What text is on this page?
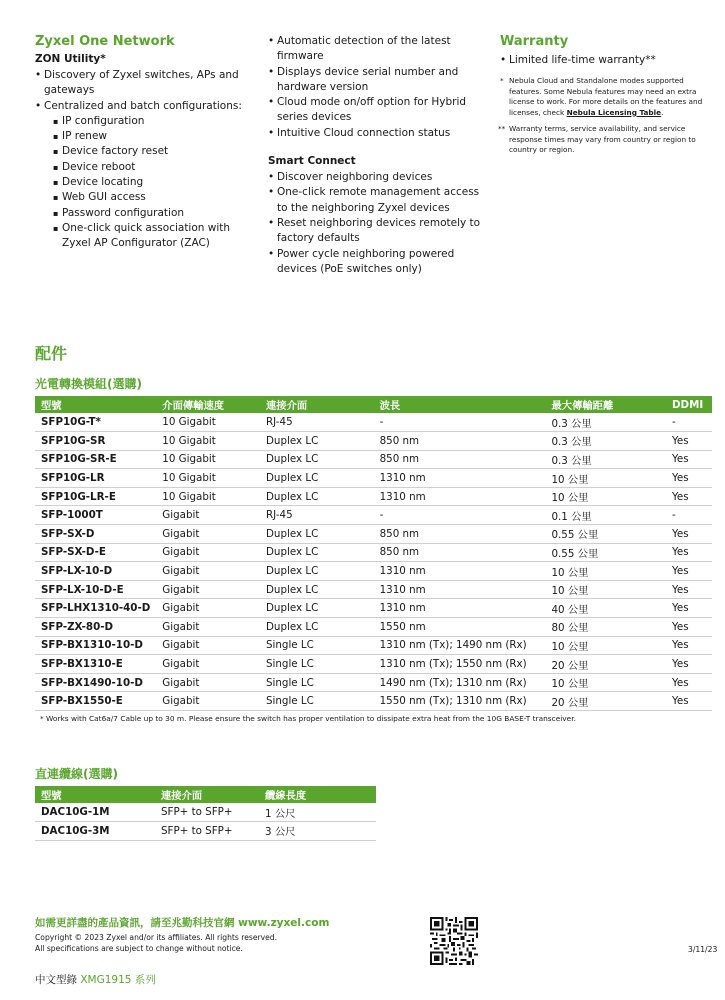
Zyxel One Network
ZON Utility*
• Discovery of Zyxel switches, APs and gateways
• Centralized and batch configurations:
▪ IP configuration
▪ IP renew
▪ Device factory reset
▪ Device reboot
▪ Device locating
▪ Web GUI access
▪ Password configuration
▪ One-click quick association with Zyxel AP Configurator (ZAC)
• Automatic detection of the latest firmware
• Displays device serial number and hardware version
• Cloud mode on/off option for Hybrid series devices
• Intuitive Cloud connection status
Smart Connect
• Discover neighboring devices
• One-click remote management access to the neighboring Zyxel devices
• Reset neighboring devices remotely to factory defaults
• Power cycle neighboring powered devices (PoE switches only)
Warranty
• Limited life-time warranty**
* Nebula Cloud and Standalone modes supported features. Some Nebula features may need an extra license to work. For more details on the features and licenses, check Nebula Licensing Table.
** Warranty terms, service availability, and service response times may vary from country or region to country or region.
配件
光電轉換模組(選購)
型號	介面傳輸速度	連接介面	波長	最大傳輸距離	DDMI
SFP10G-T*	10 Gigabit	RJ-45	-	0.3 公里	-
SFP10G-SR	10 Gigabit	Duplex LC	850 nm	0.3 公里	Yes
SFP10G-SR-E	10 Gigabit	Duplex LC	850 nm	0.3 公里	Yes
SFP10G-LR	10 Gigabit	Duplex LC	1310 nm	10 公里	Yes
SFP10G-LR-E	10 Gigabit	Duplex LC	1310 nm	10 公里	Yes
SFP-1000T	Gigabit	RJ-45	-	0.1 公里	-
SFP-SX-D	Gigabit	Duplex LC	850 nm	0.55 公里	Yes
SFP-SX-D-E	Gigabit	Duplex LC	850 nm	0.55 公里	Yes
SFP-LX-10-D	Gigabit	Duplex LC	1310 nm	10 公里	Yes
SFP-LX-10-D-E	Gigabit	Duplex LC	1310 nm	10 公里	Yes
SFP-LHX1310-40-D	Gigabit	Duplex LC	1310 nm	40 公里	Yes
SFP-ZX-80-D	Gigabit	Duplex LC	1550 nm	80 公里	Yes
SFP-BX1310-10-D	Gigabit	Single LC	1310 nm (Tx); 1490 nm (Rx)	10 公里	Yes
SFP-BX1310-E	Gigabit	Single LC	1310 nm (Tx); 1550 nm (Rx)	20 公里	Yes
SFP-BX1490-10-D	Gigabit	Single LC	1490 nm (Tx); 1310 nm (Rx)	10 公里	Yes
SFP-BX1550-E	Gigabit	Single LC	1550 nm (Tx); 1310 nm (Rx)	20 公里	Yes
* Works with Cat6a/7 Cable up to 30 m. Please ensure the switch has proper ventilation to dissipate extra heat from the 10G BASE-T transceiver.
直連纜線(選購)
型號	連接介面	纜線長度
DAC10G-1M	SFP+ to SFP+	1 公尺
DAC10G-3M	SFP+ to SFP+	3 公尺
如需更詳盡的產品資訊，請至兆勤科技官網 www.zyxel.com
Copyright © 2023 Zyxel and/or its affiliates. All rights reserved.
All specifications are subject to change without notice.	3/11/23
中文型錄 XMG1915 系列
